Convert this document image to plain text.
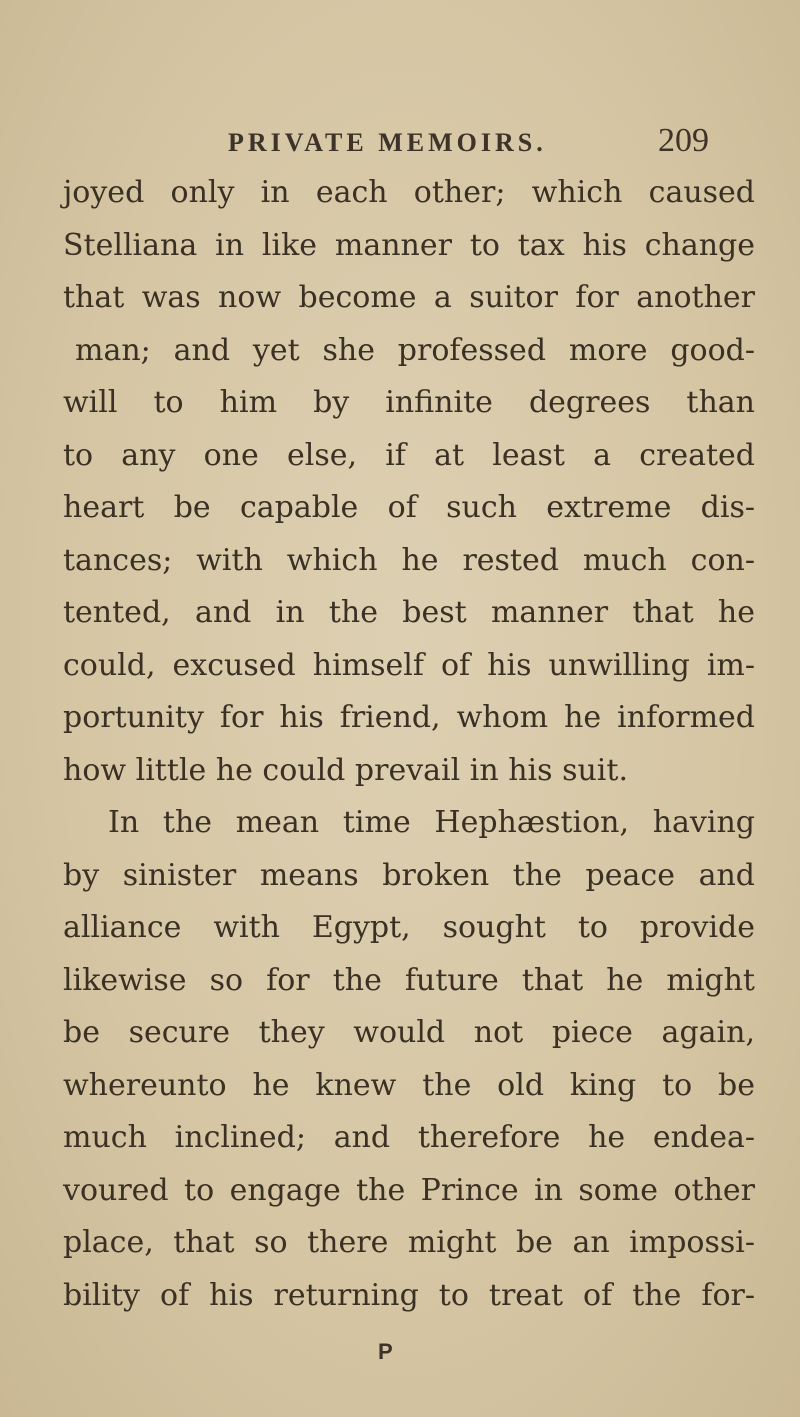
PRIVATE MEMOIRS.	209
joyed only in each other; which caused
Stelliana in like manner to tax his change
that was now become a suitor for another
man; and yet she professed more good-
will to him by infinite degrees than
to any one else, if at least a created
heart be capable of such extreme dis-
tances; with which he rested much con-
tented, and in the best manner that he
could, excused himself of his unwilling im-
portunity for his friend, whom he informed
how little he could prevail in his suit.
In the mean time Hephæstion, having
by sinister means broken the peace and
alliance with Egypt, sought to provide
likewise so for the future that he might
be secure they would not piece again,
whereunto he knew the old king to be
much inclined; and therefore he endea-
voured to engage the Prince in some other
place, that so there might be an impossi-
bility of his returning to treat of the for-
P
